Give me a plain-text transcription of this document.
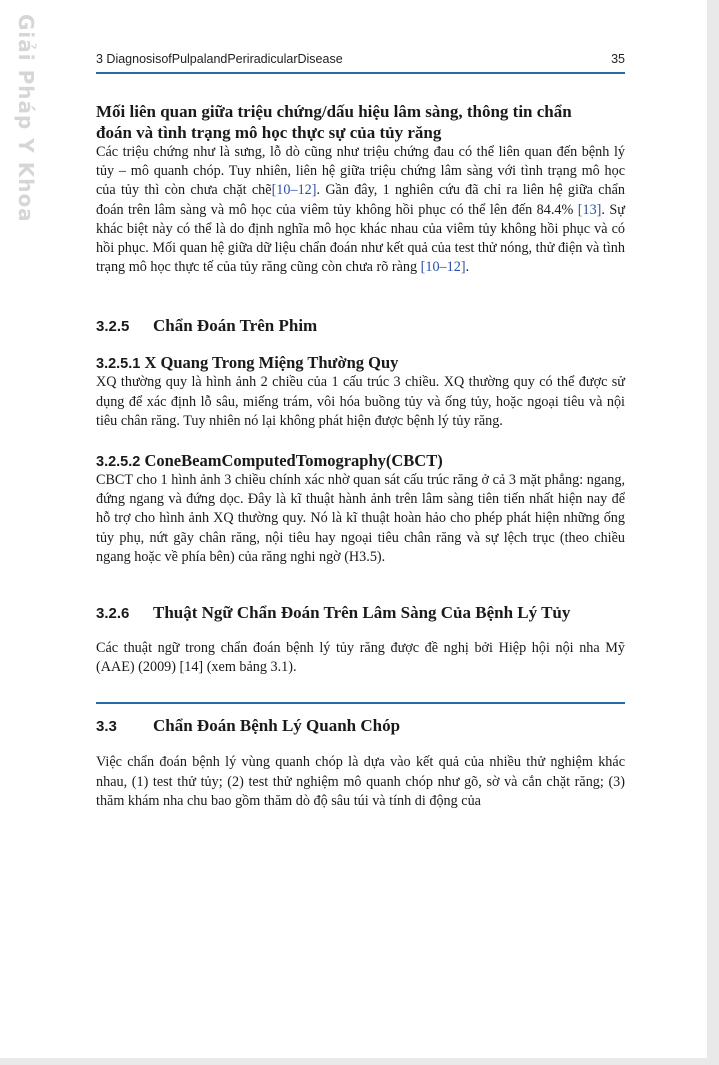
Giải Pháp Y Khoa	3 DiagnosisofPulpalandPeriradicularDisease	35
Mối liên quan giữa triệu chứng/dấu hiệu lâm sàng, thông tin chẩn
đoán và tình trạng mô học thực sự của tủy răng

Các triệu chứng như là sưng, lỗ dò cũng như triệu chứng đau có thể liên quan đến bệnh lý tủy – mô quanh chóp. Tuy nhiên, liên hệ giữa triệu chứng lâm sàng với tình trạng mô học của tủy thì còn chưa chặt chẽ[10–12]. Gần đây, 1 nghiên cứu đã chỉ ra liên hệ giữa chẩn đoán trên lâm sàng và mô học của viêm tủy không hồi phục có thể lên đến 84.4% [13]. Sự khác biệt này có thể là do định nghĩa mô học khác nhau của viêm tủy không hồi phục và có hồi phục. Mối quan hệ giữa dữ liệu chẩn đoán như kết quả của test thử nóng, thử điện và tình trạng mô học thực tế của tủy răng cũng còn chưa rõ ràng [10–12].

3.2.5	Chẩn Đoán Trên Phim
3.2.5.1 X Quang Trong Miệng Thường Quy

XQ thường quy là hình ảnh 2 chiều của 1 cấu trúc 3 chiều. XQ thường quy có thể được sử dụng để xác định lỗ sâu, miếng trám, vôi hóa buồng tủy và ống tủy, hoặc ngoại tiêu và nội tiêu chân răng. Tuy nhiên nó lại không phát hiện được bệnh lý tủy răng.

3.2.5.2 ConeBeamComputedTomography(CBCT)

CBCT cho 1 hình ảnh 3 chiều chính xác nhờ quan sát cấu trúc răng ở cả 3 mặt phẳng: ngang, đứng ngang và đứng dọc. Đây là kĩ thuật hành ảnh trên lâm sàng tiên tiến nhất hiện nay để hỗ trợ cho hình ảnh XQ thường quy. Nó là kĩ thuật hoàn hảo cho phép phát hiện những ống tủy phụ, nứt gãy chân răng, nội tiêu hay ngoại tiêu chân răng và sự lệch trục (theo chiều ngang hoặc về phía bên) của răng nghi ngờ (H3.5).

3.2.6	Thuật Ngữ Chẩn Đoán Trên Lâm Sàng Của Bệnh Lý Tủy

Các thuật ngữ trong chẩn đoán bệnh lý tủy răng được đề nghị bởi Hiệp hội nội nha Mỹ (AAE) (2009) [14] (xem bảng 3.1).

3.3	Chẩn Đoán Bệnh Lý Quanh Chóp

Việc chẩn đoán bệnh lý vùng quanh chóp là dựa vào kết quả của nhiều thử nghiệm khác nhau, (1) test thử tủy; (2) test thử nghiệm mô quanh chóp như gõ, sờ và cắn chặt răng; (3) thăm khám nha chu bao gồm thăm dò độ sâu túi và tính di động của
